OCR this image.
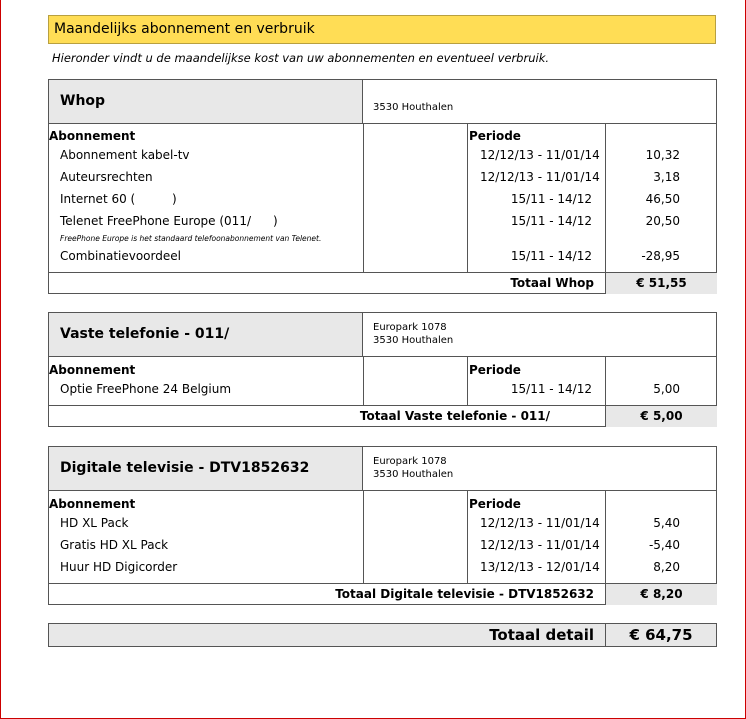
Maandelijks abonnement en verbruik
Hieronder vindt u de maandelijkse kost van uw abonnementen en eventueel verbruik.
Whop	3530 Houthalen
Abonnement	Periode
Abonnement kabel-tv	12/12/13 - 11/01/14	10,32
Auteursrechten	12/12/13 - 11/01/14	3,18
Internet 60 (	)	15/11 - 14/12	46,50
Telenet FreePhone Europe (011/ )	15/11 - 14/12	20,50
FreePhone Europe is het standaard telefoonabonnement van Telenet.
Combinatievoordeel	15/11 - 14/12	-28,95
Totaal Whop	€ 51,55
Vaste telefonie - 011/	Europark 1078
3530 Houthalen
Abonnement	Periode
Optie FreePhone 24 Belgium	15/11 - 14/12	5,00
Totaal Vaste telefonie - 011/	€ 5,00
Digitale televisie - DTV1852632	Europark 1078
3530 Houthalen
Abonnement	Periode
HD XL Pack	12/12/13 - 11/01/14	5,40
Gratis HD XL Pack	12/12/13 - 11/01/14	-5,40
Huur HD Digicorder	13/12/13 - 12/01/14	8,20
Totaal Digitale televisie - DTV1852632	€ 8,20
Totaal detail	€ 64,75
